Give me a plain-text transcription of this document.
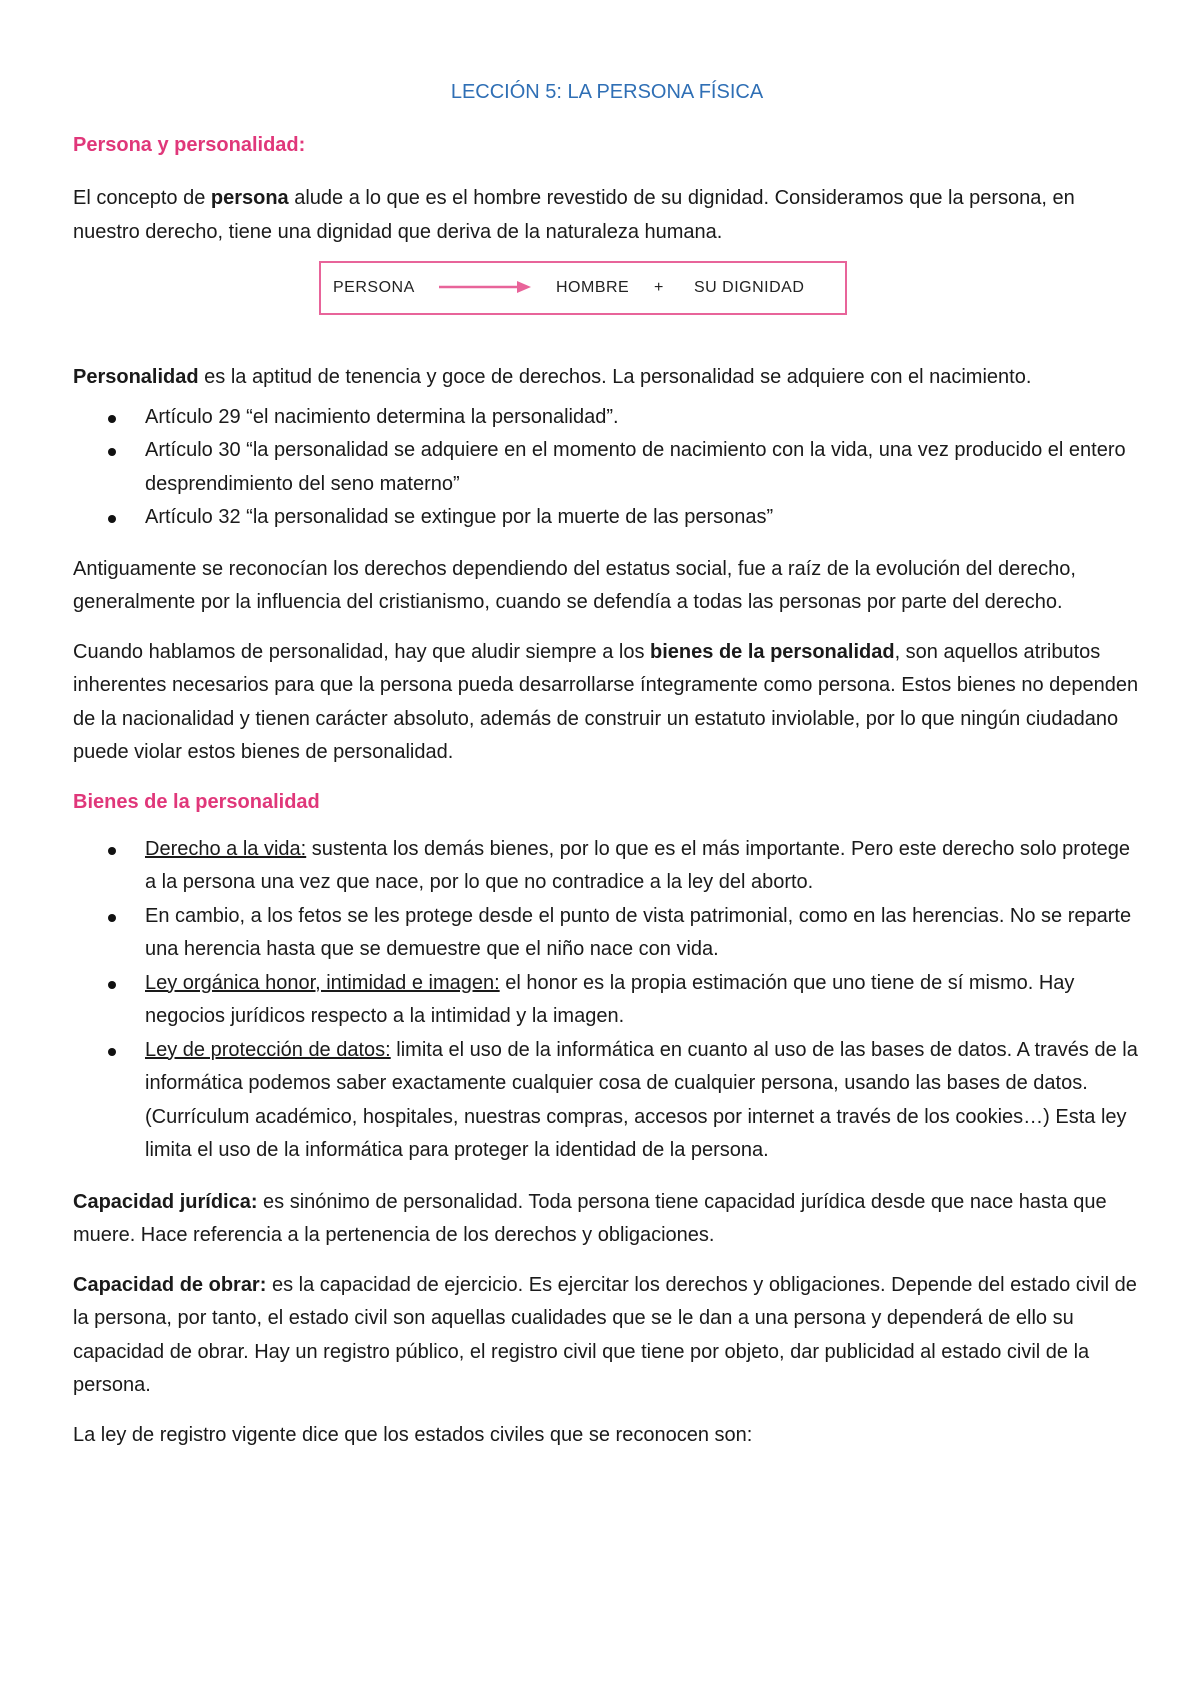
LECCIÓN 5: LA PERSONA FÍSICA

Persona y personalidad:

El concepto de persona alude a lo que es el hombre revestido de su dignidad. Consideramos que la persona, en nuestro derecho, tiene una dignidad que deriva de la naturaleza humana.

PERSONA	HOMBRE + SU DIGNIDAD

Personalidad es la aptitud de tenencia y goce de derechos. La personalidad se adquiere con el nacimiento.

Artículo 29 “el nacimiento determina la personalidad”.
Artículo 30 “la personalidad se adquiere en el momento de nacimiento con la vida, una vez producido el entero desprendimiento del seno materno”
Artículo 32 “la personalidad se extingue por la muerte de las personas”

Antiguamente se reconocían los derechos dependiendo del estatus social, fue a raíz de la evolución del derecho, generalmente por la influencia del cristianismo, cuando se defendía a todas las personas por parte del derecho.

Cuando hablamos de personalidad, hay que aludir siempre a los bienes de la personalidad, son aquellos atributos inherentes necesarios para que la persona pueda desarrollarse íntegramente como persona. Estos bienes no dependen de la nacionalidad y tienen carácter absoluto, además de construir un estatuto inviolable, por lo que ningún ciudadano puede violar estos bienes de personalidad.

Bienes de la personalidad

Derecho a la vida: sustenta los demás bienes, por lo que es el más importante. Pero este derecho solo protege a la persona una vez que nace, por lo que no contradice a la ley del aborto.
En cambio, a los fetos se les protege desde el punto de vista patrimonial, como en las herencias. No se reparte una herencia hasta que se demuestre que el niño nace con vida.
Ley orgánica honor, intimidad e imagen: el honor es la propia estimación que uno tiene de sí mismo. Hay negocios jurídicos respecto a la intimidad y la imagen.
Ley de protección de datos: limita el uso de la informática en cuanto al uso de las bases de datos. A través de la informática podemos saber exactamente cualquier cosa de cualquier persona, usando las bases de datos. (Currículum académico, hospitales, nuestras compras, accesos por internet a través de los cookies…) Esta ley limita el uso de la informática para proteger la identidad de la persona.

Capacidad jurídica: es sinónimo de personalidad. Toda persona tiene capacidad jurídica desde que nace hasta que muere. Hace referencia a la pertenencia de los derechos y obligaciones.

Capacidad de obrar: es la capacidad de ejercicio. Es ejercitar los derechos y obligaciones. Depende del estado civil de la persona, por tanto, el estado civil son aquellas cualidades que se le dan a una persona y dependerá de ello su capacidad de obrar. Hay un registro público, el registro civil que tiene por objeto, dar publicidad al estado civil de la persona.

La ley de registro vigente dice que los estados civiles que se reconocen son:
